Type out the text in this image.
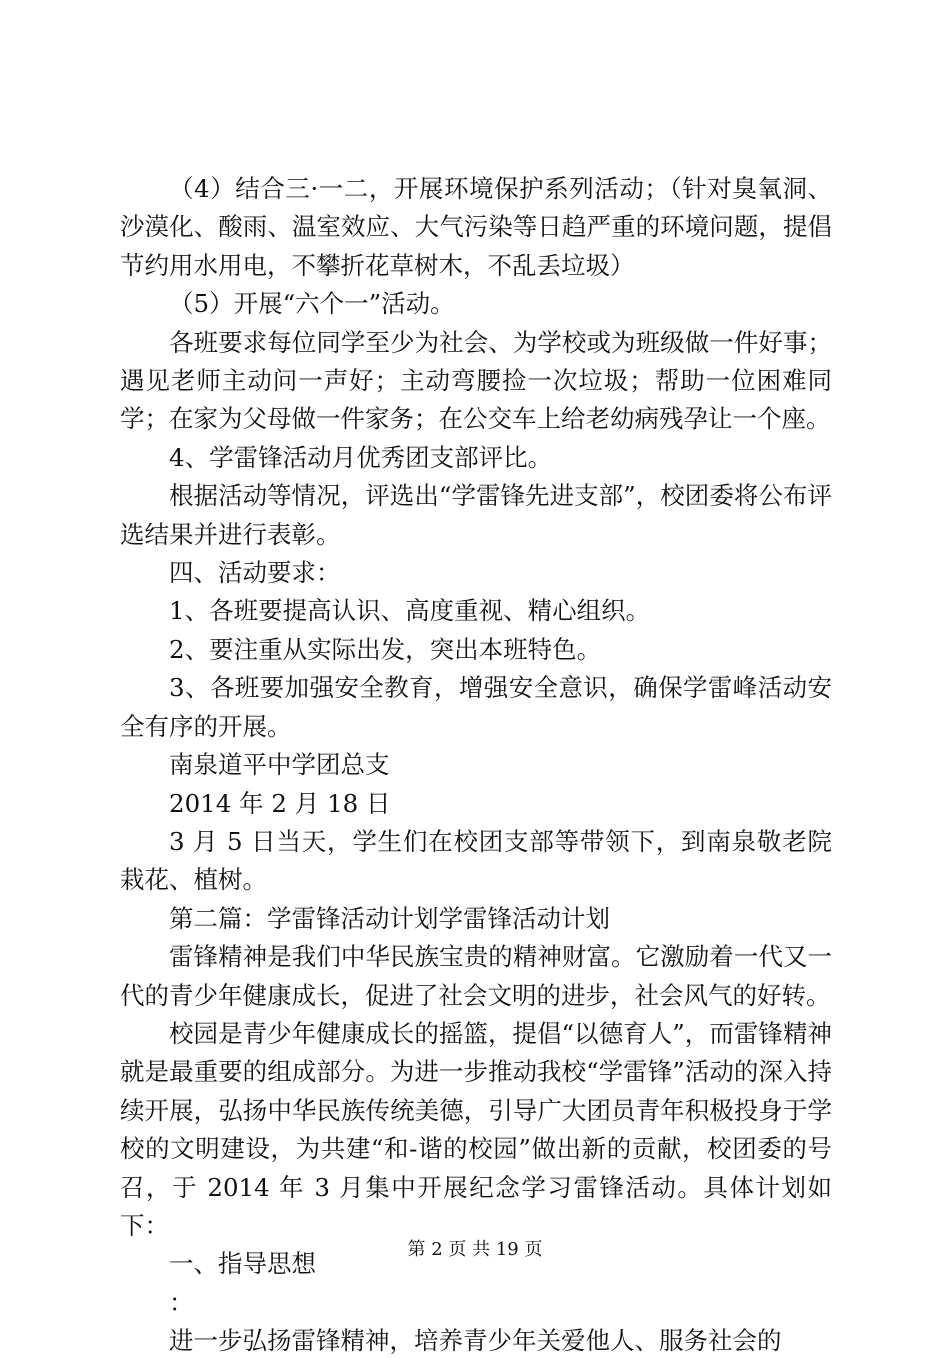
（4）结合三·一二，开展环境保护系列活动；（针对臭氧洞、沙漠化、酸雨、温室效应、大气污染等日趋严重的环境问题，提倡节约用水用电，不攀折花草树木，不乱丢垃圾）

（5）开展“六个一”活动。

各班要求每位同学至少为社会、为学校或为班级做一件好事；遇见老师主动问一声好；主动弯腰捡一次垃圾；帮助一位困难同学；在家为父母做一件家务；在公交车上给老幼病残孕让一个座。

4、学雷锋活动月优秀团支部评比。

根据活动等情况，评选出“学雷锋先进支部”，校团委将公布评选结果并进行表彰。

四、活动要求：

1、各班要提高认识、高度重视、精心组织。

2、要注重从实际出发，突出本班特色。

3、各班要加强安全教育，增强安全意识，确保学雷峰活动安全有序的开展。

南泉道平中学团总支

2014 年 2 月 18 日

3 月 5 日当天，学生们在校团支部等带领下，到南泉敬老院栽花、植树。

第二篇：学雷锋活动计划学雷锋活动计划

雷锋精神是我们中华民族宝贵的精神财富。它激励着一代又一代的青少年健康成长，促进了社会文明的进步，社会风气的好转。

校园是青少年健康成长的摇篮，提倡“以德育人”，而雷锋精神就是最重要的组成部分。为进一步推动我校“学雷锋”活动的深入持续开展，弘扬中华民族传统美德，引导广大团员青年积极投身于学校的文明建设，为共建“和-谐的校园”做出新的贡献，校团委的号召，于 2014 年 3 月集中开展纪念学习雷锋活动。具体计划如下：

一、指导思想

：

进一步弘扬雷锋精神，培养青少年关爱他人、服务社会的

第 2 页 共 19 页
